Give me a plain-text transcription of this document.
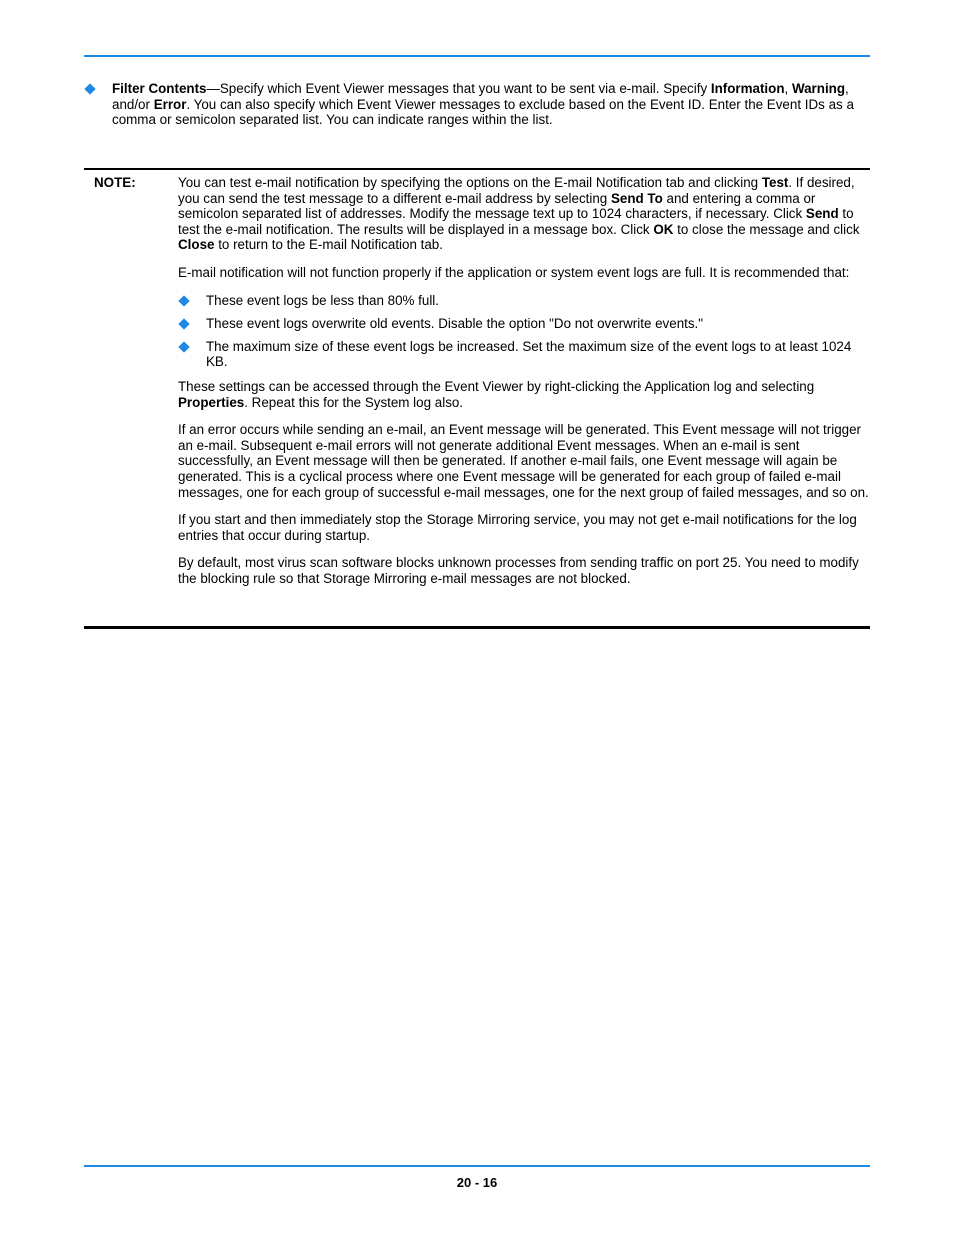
Filter Contents—Specify which Event Viewer messages that you want to be sent via e-mail. Specify Information, Warning, and/or Error. You can also specify which Event Viewer messages to exclude based on the Event ID. Enter the Event IDs as a comma or semicolon separated list. You can indicate ranges within the list.
NOTE:	You can test e-mail notification by specifying the options on the E-mail Notification tab and clicking Test. If desired, you can send the test message to a different e-mail address by selecting Send To and entering a comma or semicolon separated list of addresses. Modify the message text up to 1024 characters, if necessary. Click Send to test the e-mail notification. The results will be displayed in a message box. Click OK to close the message and click Close to return to the E-mail Notification tab.

E-mail notification will not function properly if the application or system event logs are full. It is recommended that:

These event logs be less than 80% full.
These event logs overwrite old events. Disable the option "Do not overwrite events."
The maximum size of these event logs be increased. Set the maximum size of the event logs to at least 1024 KB.

These settings can be accessed through the Event Viewer by right-clicking the Application log and selecting Properties. Repeat this for the System log also.

If an error occurs while sending an e-mail, an Event message will be generated. This Event message will not trigger an e-mail. Subsequent e-mail errors will not generate additional Event messages. When an e-mail is sent successfully, an Event message will then be generated. If another e-mail fails, one Event message will again be generated. This is a cyclical process where one Event message will be generated for each group of failed e-mail messages, one for each group of successful e-mail messages, one for the next group of failed messages, and so on.

If you start and then immediately stop the Storage Mirroring service, you may not get e-mail notifications for the log entries that occur during startup.

By default, most virus scan software blocks unknown processes from sending traffic on port 25. You need to modify the blocking rule so that Storage Mirroring e-mail messages are not blocked.

20 - 16
